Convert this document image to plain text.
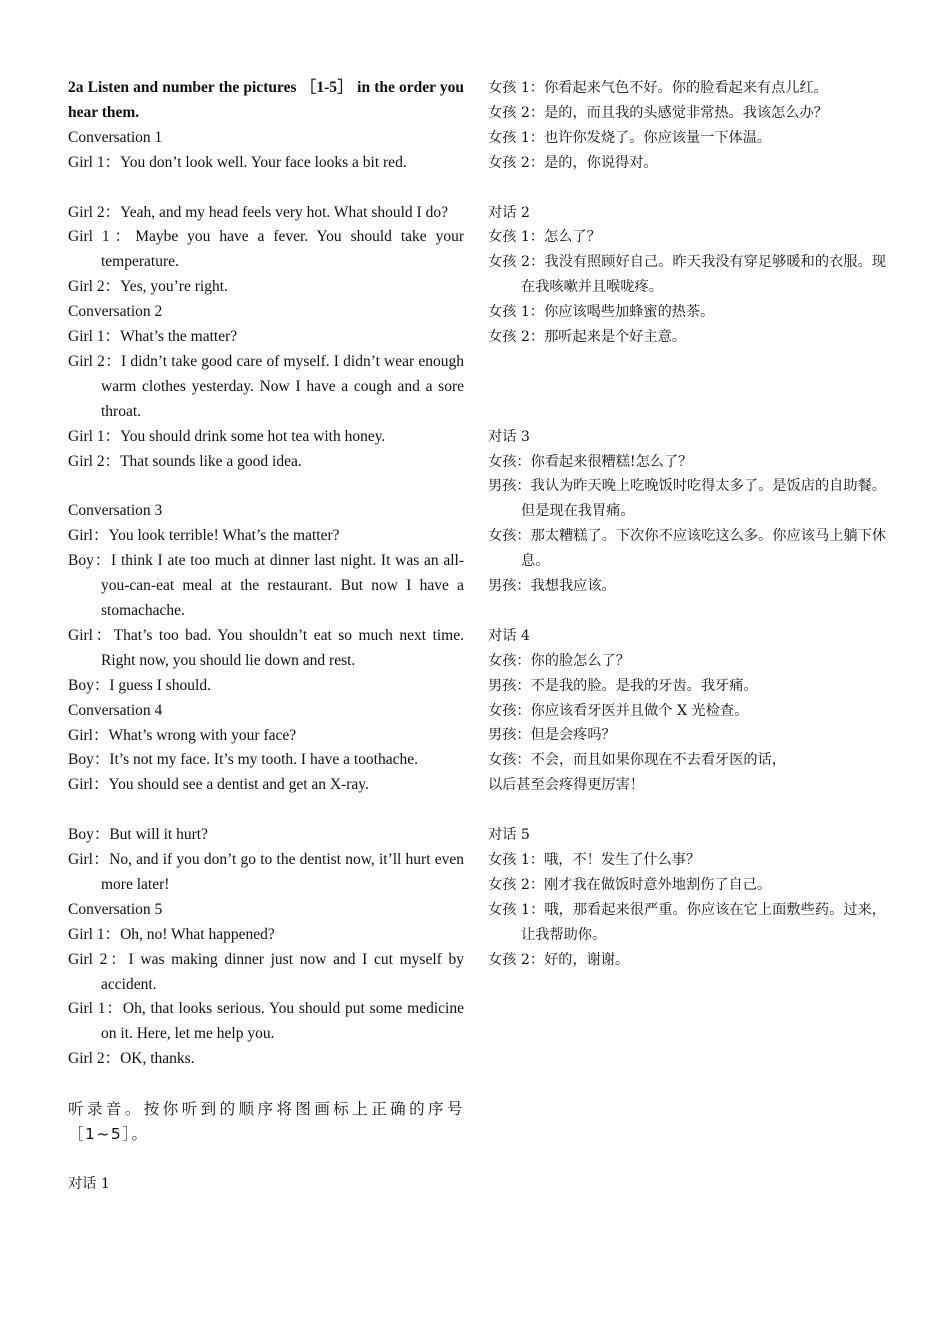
2a Listen and number the pictures ［1-5］ in the order you hear them.

Conversation 1

Girl 1：You don’t look well. Your face looks a bit red.

Girl 2：Yeah, and my head feels very hot. What should I do?

Girl 1：Maybe you have a fever. You should take your temperature.

Girl 2：Yes, you’re right.

Conversation 2

Girl 1：What’s the matter?

Girl 2：I didn’t take good care of myself. I didn’t wear enough warm clothes yesterday. Now I have a cough and a sore throat.

Girl 1：You should drink some hot tea with honey.

Girl 2：That sounds like a good idea.

Conversation 3

Girl：You look terrible! What’s the matter?

Boy：I think I ate too much at dinner last night. It was an all-you-can-eat meal at the restaurant. But now I have a stomachache.

Girl：That’s too bad. You shouldn’t eat so much next time. Right now, you should lie down and rest.

Boy：I guess I should.

Conversation 4

Girl：What’s wrong with your face?

Boy：It’s not my face. It’s my tooth. I have a toothache.

Girl：You should see a dentist and get an X-ray.

Boy：But will it hurt?

Girl：No, and if you don’t go to the dentist now, it’ll hurt even more later!

Conversation 5

Girl 1：Oh, no! What happened?

Girl 2：I was making dinner just now and I cut myself by accident.

Girl 1：Oh, that looks serious. You should put some medicine on it. Here, let me help you.

Girl 2：OK, thanks.

听录音。按你听到的顺序将图画标上正确的序号［1~5］。

对话 1

女孩 1：你看起来气色不好。你的脸看起来有点儿红。

女孩 2：是的，而且我的头感觉非常热。我该怎么办？

女孩 1：也许你发烧了。你应该量一下体温。

女孩 2：是的，你说得对。

对话 2

女孩 1：怎么了？

女孩 2：我没有照顾好自己。昨天我没有穿足够暖和的衣服。现在我咳嗽并且喉咙疼。

女孩 1：你应该喝些加蜂蜜的热茶。

女孩 2：那听起来是个好主意。

对话 3

女孩：你看起来很糟糕!怎么了？

男孩：我认为昨天晚上吃晚饭时吃得太多了。是饭店的自助餐。但是现在我胃痛。

女孩：那太糟糕了。下次你不应该吃这么多。你应该马上躺下休息。

男孩：我想我应该。

对话 4

女孩：你的脸怎么了？

男孩：不是我的脸。是我的牙齿。我牙痛。

女孩：你应该看牙医并且做个 X 光检查。

男孩：但是会疼吗？

女孩：不会，而且如果你现在不去看牙医的话，

以后甚至会疼得更厉害！

对话 5

女孩 1：哦，不！发生了什么事？

女孩 2：刚才我在做饭时意外地割伤了自己。

女孩 1：哦，那看起来很严重。你应该在它上面敷些药。过来，让我帮助你。

女孩 2：好的，谢谢。
